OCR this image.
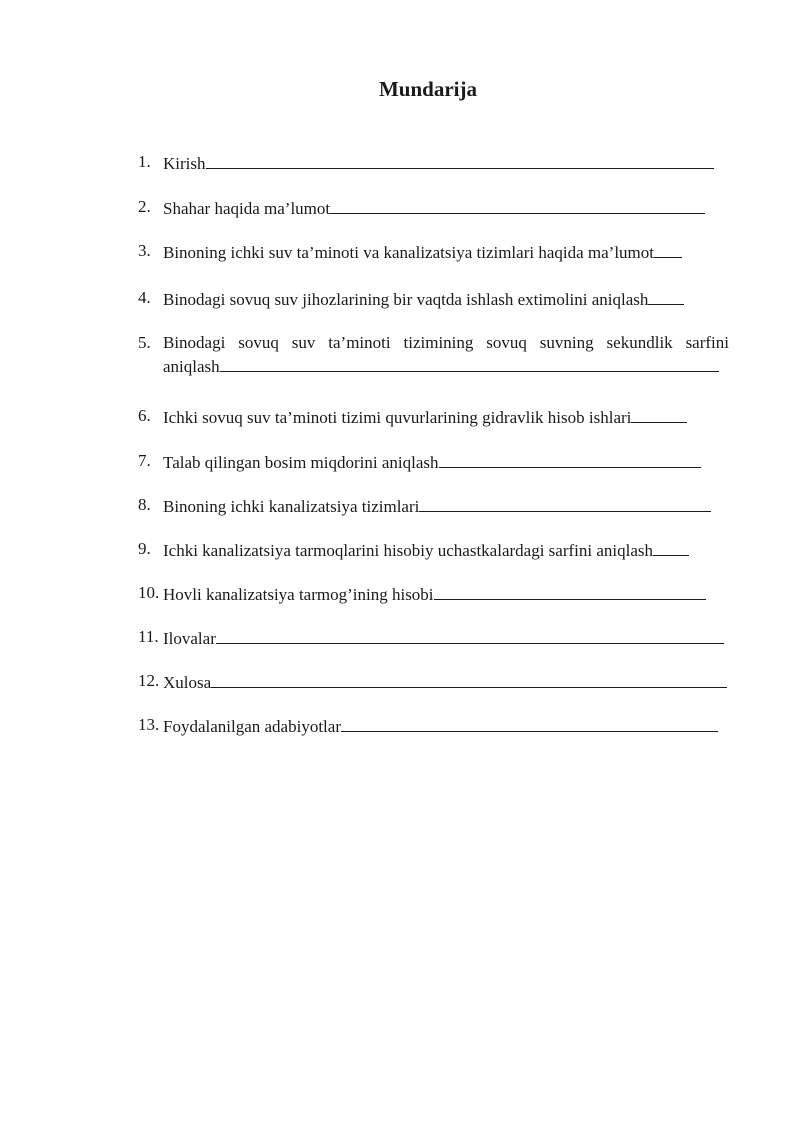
Mundarija
1. Kirish
2. Shahar haqida ma’lumot
3. Binoning ichki suv ta’minoti va kanalizatsiya tizimlari haqida ma’lumot
4. Binodagi sovuq suv jihozlarining bir vaqtda ishlash extimolini aniqlash
5. Binodagi sovuq suv ta’minoti tizimining sovuq suvning sekundlik sarfini
aniqlash
6. Ichki sovuq suv ta’minoti tizimi quvurlarining gidravlik hisob ishlari
7. Talab qilingan bosim miqdorini aniqlash
8. Binoning ichki kanalizatsiya tizimlari
9. Ichki kanalizatsiya tarmoqlarini hisobiy uchastkalardagi sarfini aniqlash
10. Hovli kanalizatsiya tarmog’ining hisobi
11. Ilovalar
12. Xulosa
13. Foydalanilgan adabiyotlar
